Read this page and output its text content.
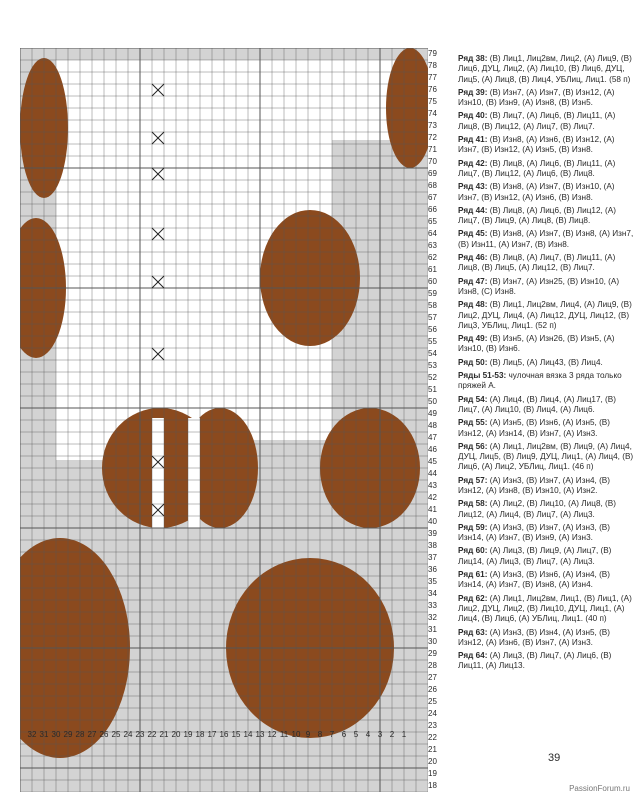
79
78
77
76
75
74
73
72
71
70
69
68
67
66
65
64
63
62
61
60
59
58
57
56
55
54
53
52
51
50
49
48
47
46
45
44
43
42
41
40
39
38
37
36
35
34
33
32
31
30
29
28
27
26
25
24
23
22
21
20
19
18
32 31 30 29 28 27 26 25 24 23 22 21 20 19 18 17 16 15 14 13 12 11 10 9 8 7 6 5 4 3 2 1

Ряд 38: (В) Лиц1, Лиц2вм, Лиц2, (А) Лиц9, (В) Лиц6, ДУЦ, Лиц2, (А) Лиц10, (В) Лиц6, ДУЦ, Лиц5, (А) Лиц8, (В) Лиц4, УБЛиц, Лиц1. (58 п)

Ряд 39: (В) Изн7, (А) Изн7, (В) Изн12, (А) Изн10, (В) Изн9, (А) Изн8, (В) Изн5.

Ряд 40: (В) Лиц7, (А) Лиц6, (В) Лиц11, (А) Лиц8, (В) Лиц12, (А) Лиц7, (В) Лиц7.

Ряд 41: (В) Изн8, (А) Изн6, (В) Изн12, (А) Изн7, (В) Изн12, (А) Изн5, (В) Изн8.

Ряд 42: (В) Лиц8, (А) Лиц6, (В) Лиц11, (А) Лиц7, (В) Лиц12, (А) Лиц6, (В) Лиц8.

Ряд 43: (В) Изн8, (А) Изн7, (В) Изн10, (А) Изн7, (В) Изн12, (А) Изн6, (В) Изн8.

Ряд 44: (В) Лиц8, (А) Лиц6, (В) Лиц12, (А) Лиц7, (В) Лиц9, (А) Лиц8, (В) Лиц8.

Ряд 45: (В) Изн8, (А) Изн7, (В) Изн8, (А) Изн7, (В) Изн11, (А) Изн7, (В) Изн8.

Ряд 46: (В) Лиц8, (А) Лиц7, (В) Лиц11, (А) Лиц8, (В) Лиц5, (А) Лиц12, (В) Лиц7.

Ряд 47: (В) Изн7, (А) Изн25, (В) Изн10, (А) Изн8, (С) Изн8.

Ряд 48: (В) Лиц1, Лиц2вм, Лиц4, (А) Лиц9, (В) Лиц2, ДУЦ, Лиц4, (А) Лиц12, ДУЦ, Лиц12, (В) Лиц3, УБЛиц, Лиц1. (52 п)

Ряд 49: (В) Изн5, (А) Изн26, (В) Изн5, (А) Изн10, (В) Изн6.

Ряд 50: (В) Лиц5, (А) Лиц43, (В) Лиц4.

Ряды 51-53: чулочная вязка 3 ряда только пряжей А.

Ряд 54: (А) Лиц4, (В) Лиц4, (А) Лиц17, (В) Лиц7, (А) Лиц10, (В) Лиц4, (А) Лиц6.

Ряд 55: (А) Изн5, (В) Изн6, (А) Изн5, (В) Изн12, (А) Изн14, (В) Изн7, (А) Изн3.

Ряд 56: (А) Лиц1, Лиц2вм, (В) Лиц9, (А) Лиц4, ДУЦ, Лиц5, (В) Лиц9, ДУЦ, Лиц1, (А) Лиц4, (В) Лиц6, (А) Лиц2, УБЛиц, Лиц1. (46 п)

Ряд 57: (А) Изн3, (В) Изн7, (А) Изн4, (В) Изн12, (А) Изн8, (В) Изн10, (А) Изн2.

Ряд 58: (А) Лиц2, (В) Лиц10, (А) Лиц8, (В) Лиц12, (А) Лиц4, (В) Лиц7, (А) Лиц3.

Ряд 59: (А) Изн3, (В) Изн7, (А) Изн3, (В) Изн14, (А) Изн7, (В) Изн9, (А) Изн3.

Ряд 60: (А) Лиц3, (В) Лиц9, (А) Лиц7, (В) Лиц14, (А) Лиц3, (В) Лиц7, (А) Лиц3.

Ряд 61: (А) Изн3, (В) Изн6, (А) Изн4, (В) Изн14, (А) Изн7, (В) Изн8, (А) Изн4.

Ряд 62: (А) Лиц1, Лиц2вм, Лиц1, (В) Лиц1, (А) Лиц2, ДУЦ, Лиц2, (В) Лиц10, ДУЦ, Лиц1, (А) Лиц4, (В) Лиц6, (А) УБЛиц, Лиц1. (40 п)

Ряд 63: (А) Изн3, (В) Изн4, (А) Изн5, (В) Изн12, (А) Изн6, (В) Изн7, (А) Изн3.

Ряд 64: (А) Лиц3, (В) Лиц7, (А) Лиц6, (В) Лиц11, (А) Лиц13.

39
PassionForum.ru
